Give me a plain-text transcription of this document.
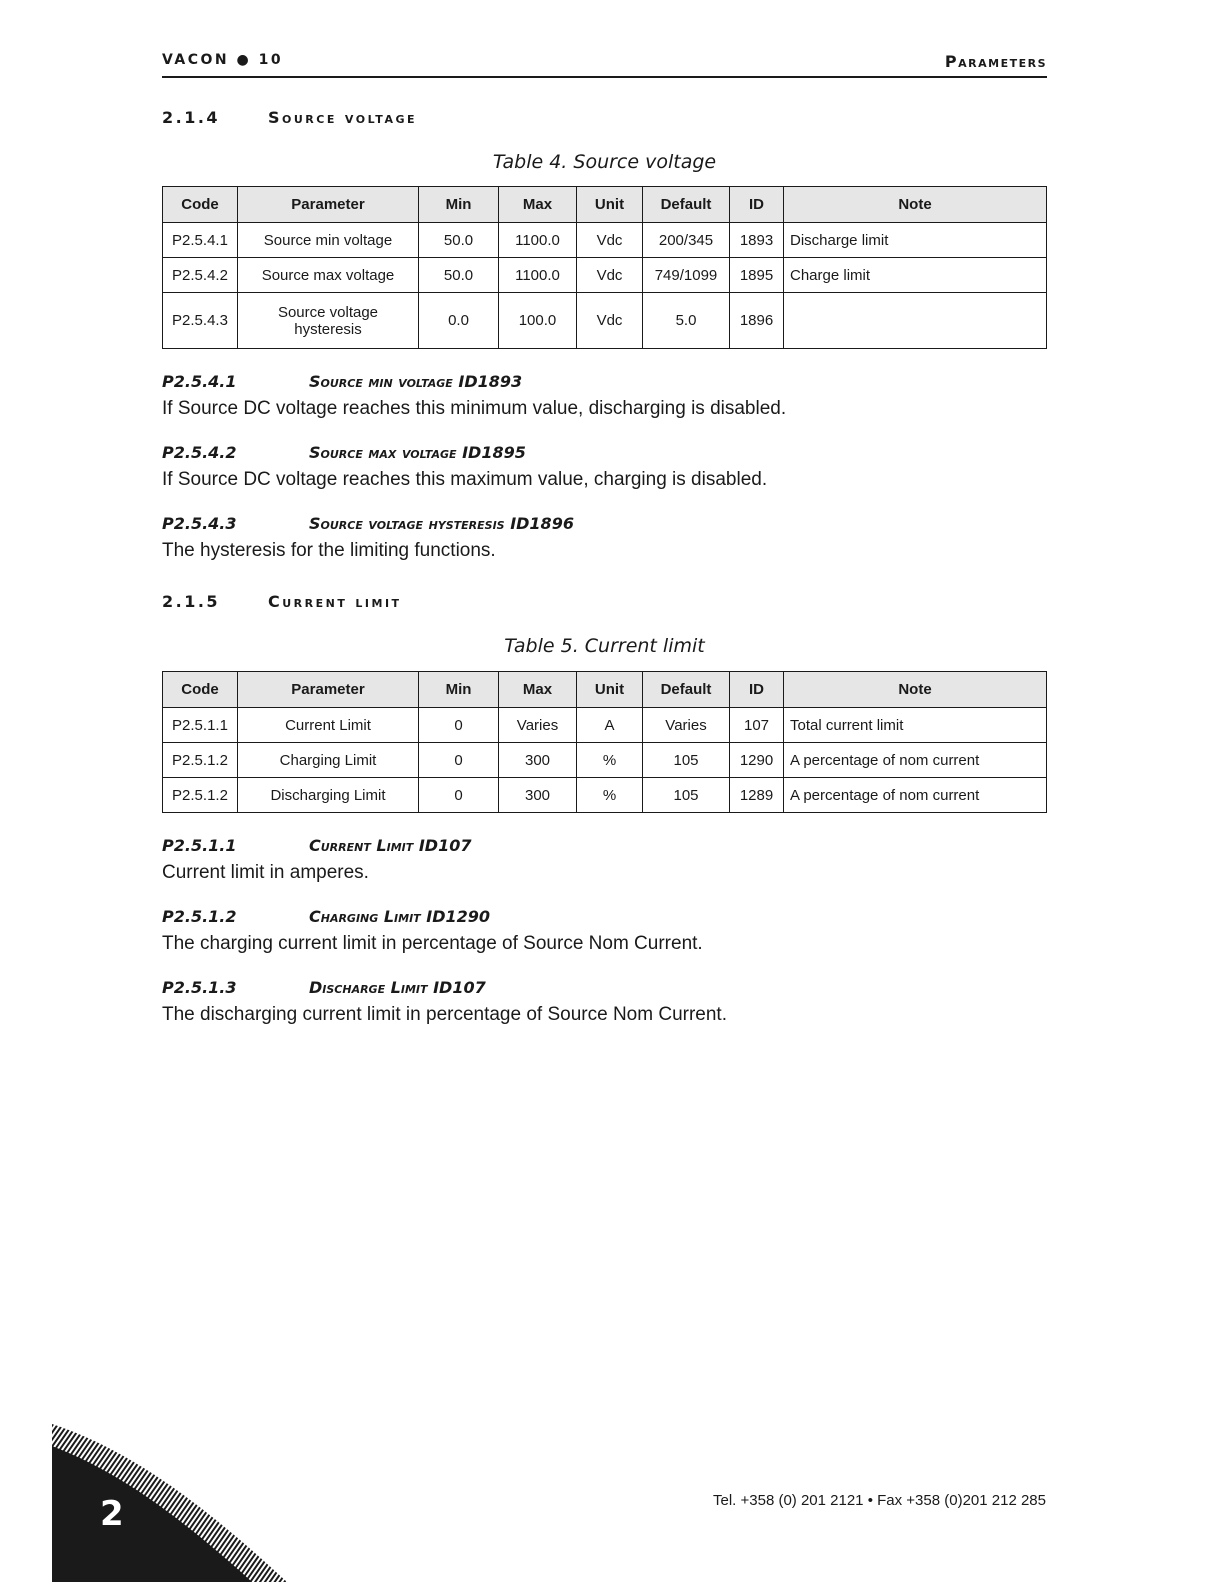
VACON ● 10	Parameters
2.1.4	Source voltage
Table 4. Source voltage
Code	Parameter	Min	Max	Unit	Default	ID	Note
P2.5.4.1	Source min voltage	50.0	1100.0	Vdc	200/345	1893	Discharge limit
P2.5.4.2	Source max voltage	50.0	1100.0	Vdc	749/1099	1895	Charge limit
P2.5.4.3	Source voltage hysteresis	0.0	100.0	Vdc	5.0	1896	
P2.5.4.1	Source min voltage ID1893
If Source DC voltage reaches this minimum value, discharging is disabled.
P2.5.4.2	Source max voltage ID1895
If Source DC voltage reaches this maximum value, charging is disabled.
P2.5.4.3	Source voltage hysteresis ID1896
The hysteresis for the limiting functions.
2.1.5	Current limit
Table 5. Current limit
Code	Parameter	Min	Max	Unit	Default	ID	Note
P2.5.1.1	Current Limit	0	Varies	A	Varies	107	Total current limit
P2.5.1.2	Charging Limit	0	300	%	105	1290	A percentage of nom current
P2.5.1.2	Discharging Limit	0	300	%	105	1289	A percentage of nom current
P2.5.1.1	Current Limit ID107
Current limit in amperes.
P2.5.1.2	Charging Limit ID1290
The charging current limit in percentage of Source Nom Current.
P2.5.1.3	Discharge Limit ID107
The discharging current limit in percentage of Source Nom Current.
Tel. +358 (0) 201 2121 • Fax +358 (0)201 212 285
2
